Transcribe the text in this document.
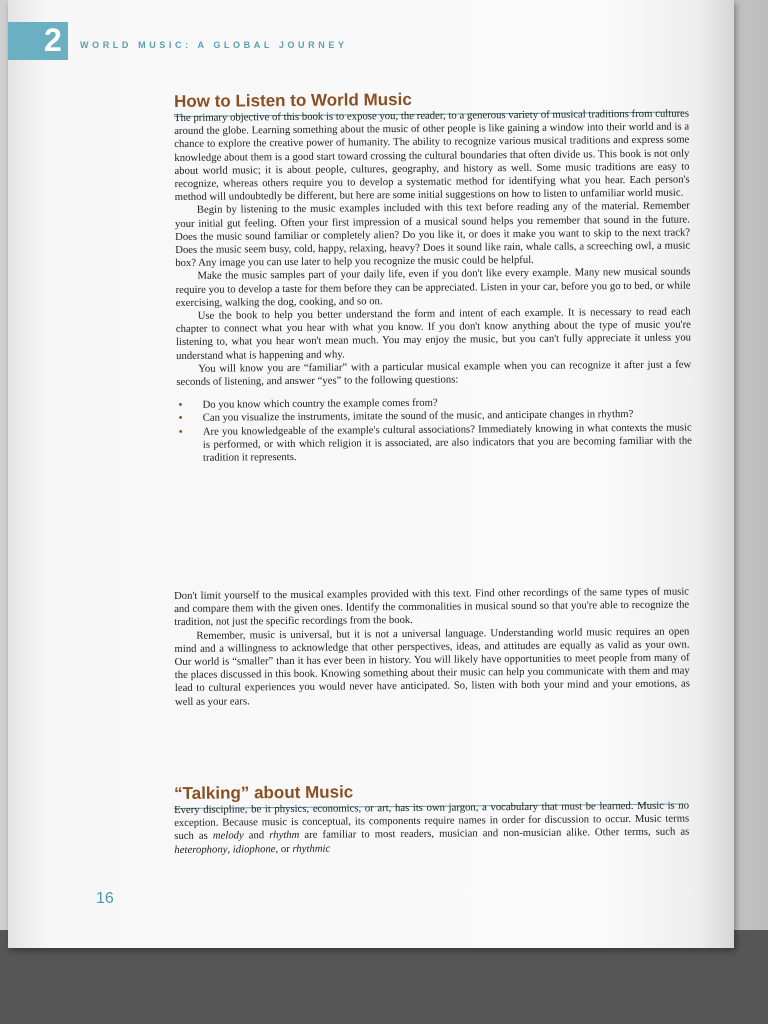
2 WORLD MUSIC: A GLOBAL JOURNEY
How to Listen to World Music

The primary objective of this book is to expose you, the reader, to a generous variety of musical traditions from cultures around the globe. Learning something about the music of other people is like gaining a window into their world and is a chance to explore the creative power of humanity. The ability to recognize various musical traditions and express some knowledge about them is a good start toward crossing the cultural boundaries that often divide us. This book is not only about world music; it is about people, cultures, geography, and history as well. Some music traditions are easy to recognize, whereas others require you to develop a systematic method for identifying what you hear. Each person's method will undoubtedly be different, but here are some initial suggestions on how to listen to unfamiliar world music.

Begin by listening to the music examples included with this text before reading any of the material. Remember your initial gut feeling. Often your first impression of a musical sound helps you remember that sound in the future. Does the music sound familiar or completely alien? Do you like it, or does it make you want to skip to the next track? Does the music seem busy, cold, happy, relaxing, heavy? Does it sound like rain, whale calls, a screeching owl, a music box? Any image you can use later to help you recognize the music could be helpful.

Make the music samples part of your daily life, even if you don't like every example. Many new musical sounds require you to develop a taste for them before they can be appreciated. Listen in your car, before you go to bed, or while exercising, walking the dog, cooking, and so on.

Use the book to help you better understand the form and intent of each example. It is necessary to read each chapter to connect what you hear with what you know. If you don't know anything about the type of music you're listening to, what you hear won't mean much. You may enjoy the music, but you can't fully appreciate it unless you understand what is happening and why.

You will know you are “familiar” with a particular musical example when you can recognize it after just a few seconds of listening, and answer “yes” to the following questions:

• Do you know which country the example comes from?
• Can you visualize the instruments, imitate the sound of the music, and anticipate changes in rhythm?
• Are you knowledgeable of the example's cultural associations? Immediately knowing in what contexts the music is performed, or with which religion it is associated, are also indicators that you are becoming familiar with the tradition it represents.

Don't limit yourself to the musical examples provided with this text. Find other recordings of the same types of music and compare them with the given ones. Identify the commonalities in musical sound so that you're able to recognize the tradition, not just the specific recordings from the book.

Remember, music is universal, but it is not a universal language. Understanding world music requires an open mind and a willingness to acknowledge that other perspectives, ideas, and attitudes are equally as valid as your own. Our world is “smaller” than it has ever been in history. You will likely have opportunities to meet people from many of the places discussed in this book. Knowing something about their music can help you communicate with them and may lead to cultural experiences you would never have anticipated. So, listen with both your mind and your emotions, as well as your ears.

“Talking” about Music

Every discipline, be it physics, economics, or art, has its own jargon, a vocabulary that must be learned. Music is no exception. Because music is conceptual, its components require names in order for discussion to occur. Music terms such as melody and rhythm are familiar to most readers, musician and non-musician alike. Other terms, such as heterophony, idiophone, or rhythmic

16
